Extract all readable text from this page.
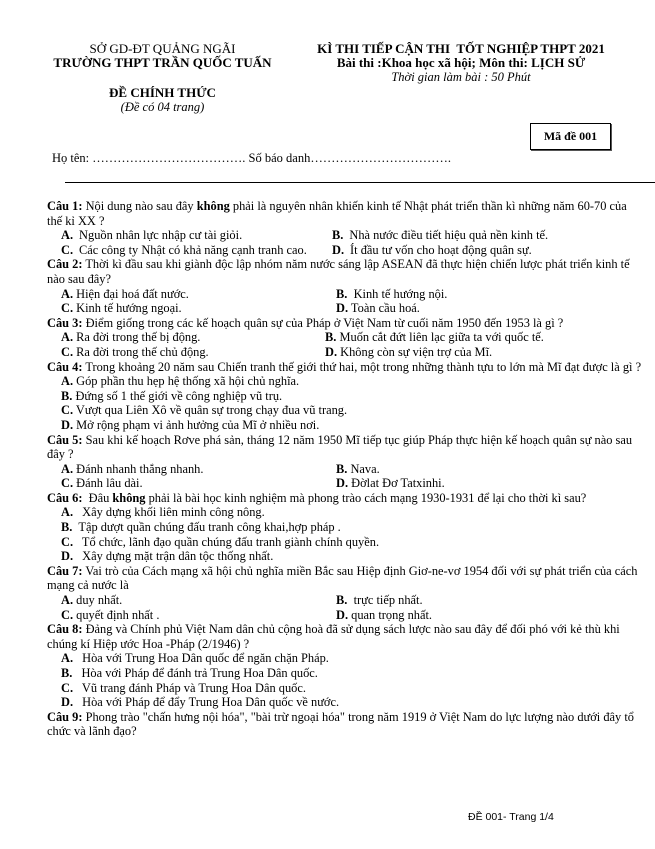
SỞ GD-ĐT QUẢNG NGÃI
TRƯỜNG THPT TRẦN QUỐC TUẤN
ĐỀ CHÍNH THỨC
(Đề có 04 trang)
KÌ THI TIẾP CẬN THI  TỐT NGHIỆP THPT 2021
Bài thi :Khoa học xã hội; Môn thi: LỊCH SỬ
Thời gian làm bài : 50 Phút
Mã đề 001
Họ tên: ………………………………. Số báo danh…………………………….
Câu 1: Nội dung nào sau đây không phải là nguyên nhân khiến kinh tế Nhật phát triển thần kì những năm 60-70 của thế kỉ XX ?
A. Nguồn nhân lực nhập cư tài giỏi.	B. Nhà nước điều tiết hiệu quả nền kinh tế.
C. Các công ty Nhật có khả năng cạnh tranh cao.	D. Ít đầu tư vốn cho hoạt động quân sự.
Câu 2: Thời kì đầu sau khi giành độc lập nhóm năm nước sáng lập ASEAN đã thực hiện chiến lược phát triển kinh tế nào sau đây?
A. Hiện đại hoá đất nước.	B. Kinh tế hướng nội.
C. Kinh tế hướng ngoại.	D. Toàn cầu hoá.
Câu 3: Điểm giống trong các kế hoạch quân sự của Pháp ở Việt Nam từ cuối năm 1950 đến 1953 là gì ?
A. Ra đời trong thế bị động.	B. Muốn cắt đứt liên lạc giữa ta với quốc tế.
C. Ra đời trong thế chủ động.	D. Không còn sự viện trợ của Mĩ.
Câu 4: Trong khoảng 20 năm sau Chiến tranh thế giới thứ hai, một trong những thành tựu to lớn mà Mĩ đạt được là gì ?
A. Góp phần thu hẹp hệ thống xã hội chủ nghĩa.
B. Đứng số 1 thế giới về công nghiệp vũ trụ.
C. Vượt qua Liên Xô về quân sự trong chạy đua vũ trang.
D. Mở rộng phạm vi ảnh hưởng của Mĩ ở nhiều nơi.
Câu 5: Sau khi kế hoạch Rơve phá sản, tháng 12 năm 1950 Mĩ tiếp tục giúp Pháp thực hiện kế hoạch quân sự nào sau đây ?
A. Đánh nhanh thắng nhanh.	B. Nava.
C. Đánh lâu dài.	D. Đờlat Đơ Tatxinhi.
Câu 6:  Đâu không phải là bài học kinh nghiệm mà phong trào cách mạng 1930-1931 để lại cho thời kì sau?
A. Xây dựng khối liên minh công nông.
B. Tập dượt quần chúng đấu tranh công khai,hợp pháp .
C. Tổ chức, lãnh đạo quần chúng đấu tranh giành chính quyền.
D. Xây dựng mặt trận dân tộc thống nhất.
Câu 7: Vai trò của Cách mạng xã hội chủ nghĩa miền Bắc sau Hiệp định Giơ-ne-vơ 1954 đối với sự phát triển của cách mạng cả nước là
A. duy nhất.	B.  trực tiếp nhất.
C. quyết định nhất .	D. quan trọng nhất.
Câu 8: Đảng và Chính phủ Việt Nam dân chủ cộng hoà đã sử dụng sách lược nào sau đây để đối phó với kẻ thù khi chúng kí Hiệp ước Hoa -Pháp (2/1946) ?
A. Hòa với Trung Hoa Dân quốc để ngăn chặn Pháp.
B. Hòa với Pháp để đánh trả Trung Hoa Dân quốc.
C. Vũ trang đánh Pháp và Trung Hoa Dân quốc.
D. Hòa với Pháp để đẩy Trung Hoa Dân quốc về nước.
Câu 9: Phong trào "chấn hưng nội hóa", "bài trừ ngoại hóa" trong năm 1919 ở Việt Nam do lực lượng nào dưới đây tổ chức và lãnh đạo?
ĐỀ 001- Trang 1/4
